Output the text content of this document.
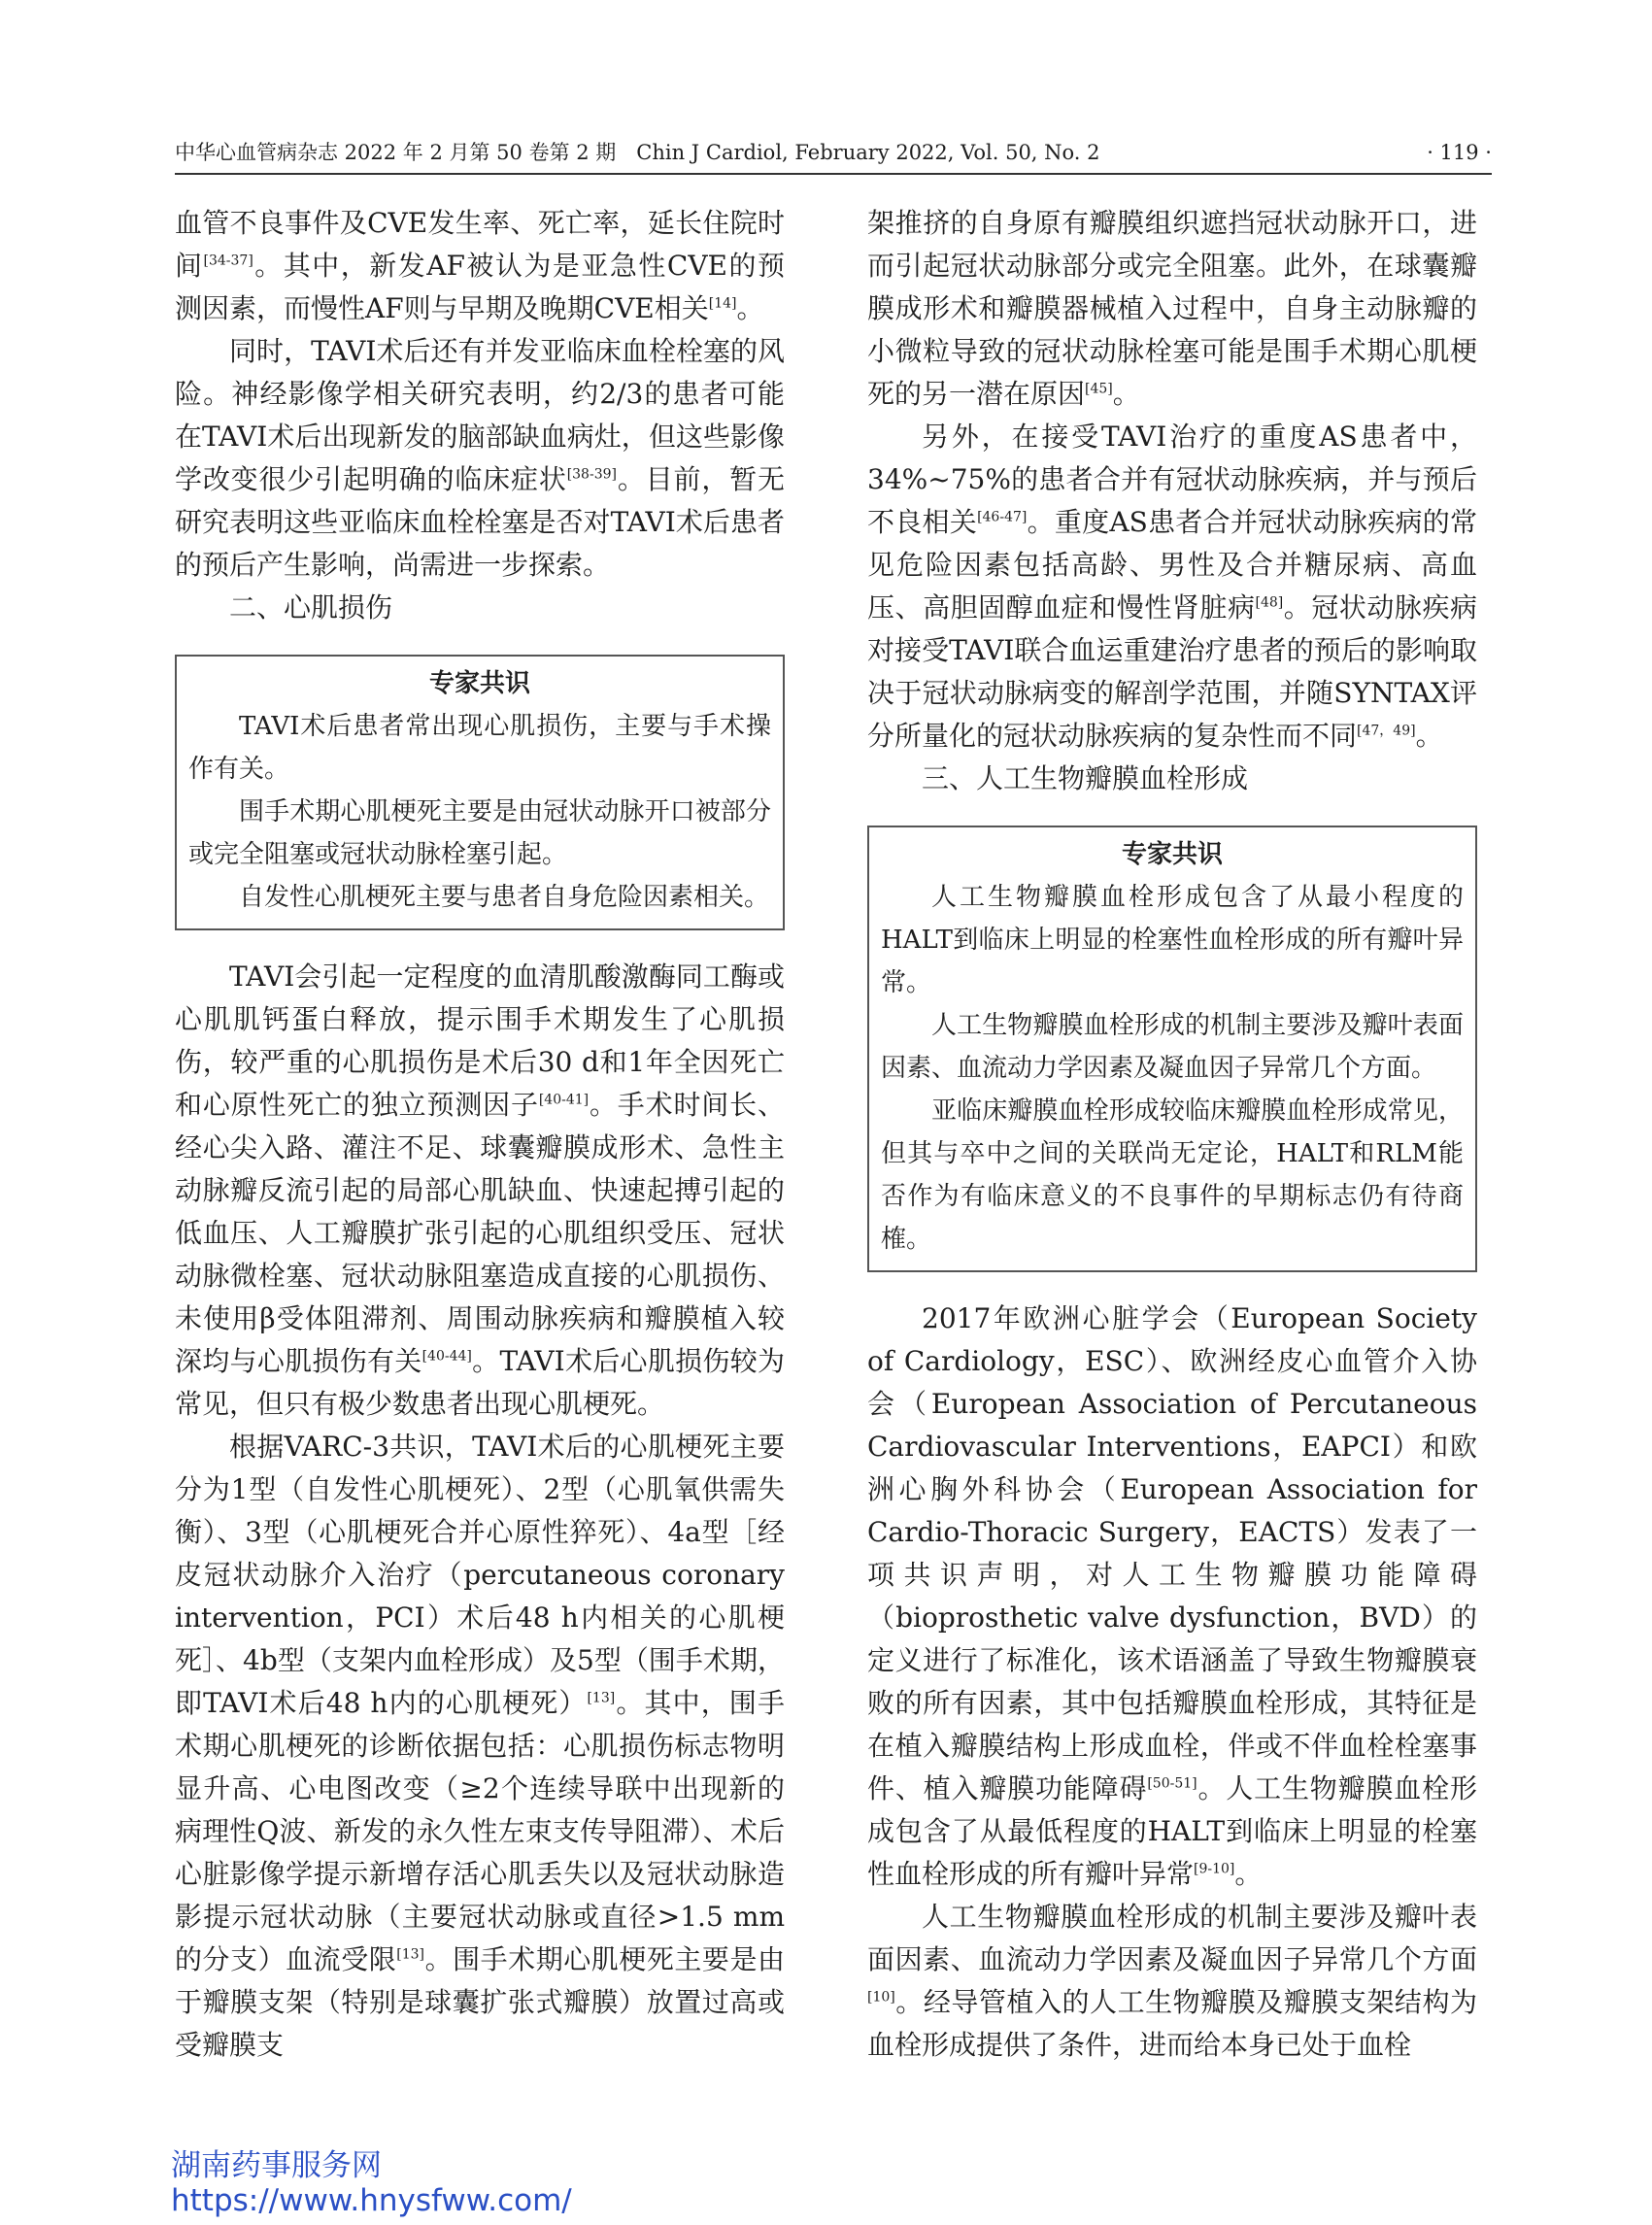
中华心血管病杂志 2022 年 2 月第 50 卷第 2 期　Chin J Cardiol, February 2022, Vol. 50, No. 2	· 119 ·

血管不良事件及CVE发生率、死亡率，延长住院时间[34-37]。其中，新发AF被认为是亚急性CVE的预测因素，而慢性AF则与早期及晚期CVE相关[14]。

同时，TAVI术后还有并发亚临床血栓栓塞的风险。神经影像学相关研究表明，约2/3的患者可能在TAVI术后出现新发的脑部缺血病灶，但这些影像学改变很少引起明确的临床症状[38-39]。目前，暂无研究表明这些亚临床血栓栓塞是否对TAVI术后患者的预后产生影响，尚需进一步探索。

二、心肌损伤

专家共识

TAVI术后患者常出现心肌损伤，主要与手术操作有关。

围手术期心肌梗死主要是由冠状动脉开口被部分或完全阻塞或冠状动脉栓塞引起。

自发性心肌梗死主要与患者自身危险因素相关。

TAVI会引起一定程度的血清肌酸激酶同工酶或心肌肌钙蛋白释放，提示围手术期发生了心肌损伤，较严重的心肌损伤是术后30 d和1年全因死亡和心原性死亡的独立预测因子[40-41]。手术时间长、经心尖入路、灌注不足、球囊瓣膜成形术、急性主动脉瓣反流引起的局部心肌缺血、快速起搏引起的低血压、人工瓣膜扩张引起的心肌组织受压、冠状动脉微栓塞、冠状动脉阻塞造成直接的心肌损伤、未使用β受体阻滞剂、周围动脉疾病和瓣膜植入较深均与心肌损伤有关[40-44]。TAVI术后心肌损伤较为常见，但只有极少数患者出现心肌梗死。

根据VARC-3共识，TAVI术后的心肌梗死主要分为1型（自发性心肌梗死）、2型（心肌氧供需失衡）、3型（心肌梗死合并心原性猝死）、4a型［经皮冠状动脉介入治疗（percutaneous coronary intervention，PCI）术后48 h内相关的心肌梗死］、4b型（支架内血栓形成）及5型（围手术期，即TAVI术后48 h内的心肌梗死）[13]。其中，围手术期心肌梗死的诊断依据包括：心肌损伤标志物明显升高、心电图改变（≥2个连续导联中出现新的病理性Q波、新发的永久性左束支传导阻滞）、术后心脏影像学提示新增存活心肌丢失以及冠状动脉造影提示冠状动脉（主要冠状动脉或直径>1.5 mm的分支）血流受限[13]。围手术期心肌梗死主要是由于瓣膜支架（特别是球囊扩张式瓣膜）放置过高或受瓣膜支

架推挤的自身原有瓣膜组织遮挡冠状动脉开口，进而引起冠状动脉部分或完全阻塞。此外，在球囊瓣膜成形术和瓣膜器械植入过程中，自身主动脉瓣的小微粒导致的冠状动脉栓塞可能是围手术期心肌梗死的另一潜在原因[45]。

另外，在接受TAVI治疗的重度AS患者中，34%~75%的患者合并有冠状动脉疾病，并与预后不良相关[46-47]。重度AS患者合并冠状动脉疾病的常见危险因素包括高龄、男性及合并糖尿病、高血压、高胆固醇血症和慢性肾脏病[48]。冠状动脉疾病对接受TAVI联合血运重建治疗患者的预后的影响取决于冠状动脉病变的解剖学范围，并随SYNTAX评分所量化的冠状动脉疾病的复杂性而不同[47，49]。

三、人工生物瓣膜血栓形成

专家共识

人工生物瓣膜血栓形成包含了从最小程度的HALT到临床上明显的栓塞性血栓形成的所有瓣叶异常。

人工生物瓣膜血栓形成的机制主要涉及瓣叶表面因素、血流动力学因素及凝血因子异常几个方面。

亚临床瓣膜血栓形成较临床瓣膜血栓形成常见，但其与卒中之间的关联尚无定论，HALT和RLM能否作为有临床意义的不良事件的早期标志仍有待商榷。

2017年欧洲心脏学会（European Society of Cardiology，ESC）、欧洲经皮心血管介入协会（European Association of Percutaneous Cardiovascular Interventions，EAPCI）和欧洲心胸外科协会（European Association for Cardio-Thoracic Surgery，EACTS）发表了一项共识声明，对人工生物瓣膜功能障碍（bioprosthetic valve dysfunction，BVD）的定义进行了标准化，该术语涵盖了导致生物瓣膜衰败的所有因素，其中包括瓣膜血栓形成，其特征是在植入瓣膜结构上形成血栓，伴或不伴血栓栓塞事件、植入瓣膜功能障碍[50-51]。人工生物瓣膜血栓形成包含了从最低程度的HALT到临床上明显的栓塞性血栓形成的所有瓣叶异常[9-10]。

人工生物瓣膜血栓形成的机制主要涉及瓣叶表面因素、血流动力学因素及凝血因子异常几个方面[10]。经导管植入的人工生物瓣膜及瓣膜支架结构为血栓形成提供了条件，进而给本身已处于血栓

湖南药事服务网
https://www.hnysfww.com/
